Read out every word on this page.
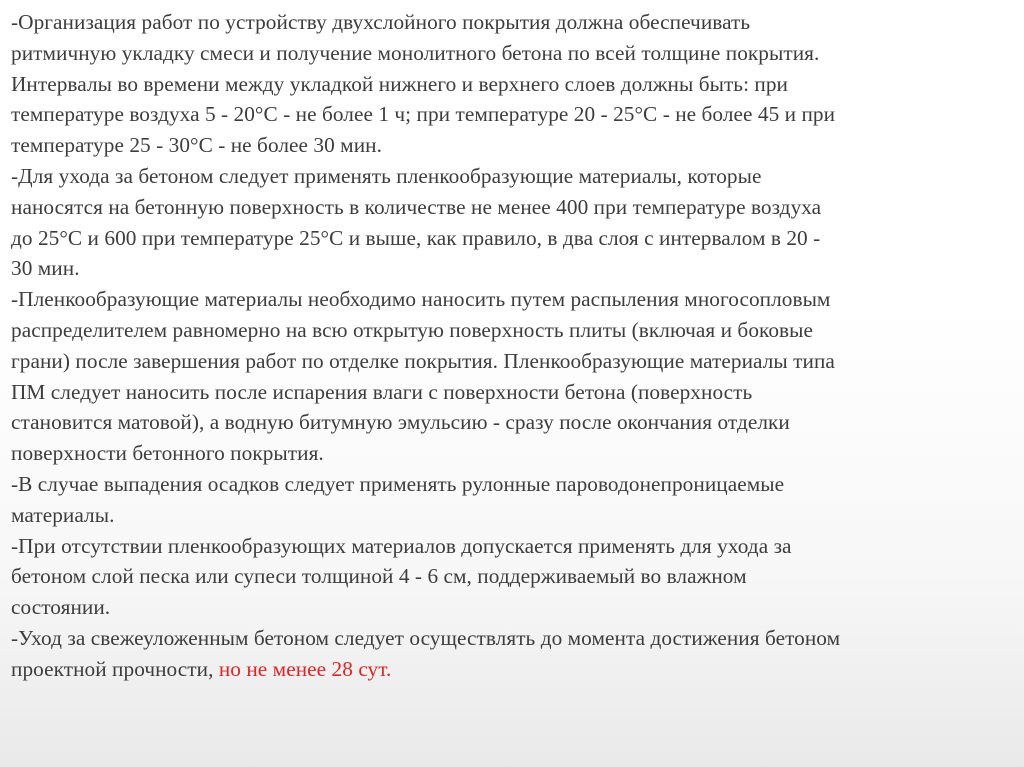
-Организация работ по устройству двухслойного покрытия должна обеспечивать
ритмичную укладку смеси и получение монолитного бетона по всей толщине покрытия.
Интервалы во времени между укладкой нижнего и верхнего слоев должны быть: при
температуре воздуха 5 - 20°С - не более 1 ч; при температуре 20 - 25°С - не более 45 и при
температуре 25 - 30°С - не более 30 мин.
-Для ухода за бетоном следует применять пленкообразующие материалы, которые
наносятся на бетонную поверхность в количестве не менее 400 при температуре воздуха
до 25°С и 600 при температуре 25°С и выше, как правило, в два слоя с интервалом в 20 -
30 мин.
-Пленкообразующие материалы необходимо наносить путем распыления многосопловым
распределителем равномерно на всю открытую поверхность плиты (включая и боковые
грани) после завершения работ по отделке покрытия. Пленкообразующие материалы типа
ПМ следует наносить после испарения влаги с поверхности бетона (поверхность
становится матовой), а водную битумную эмульсию - сразу после окончания отделки
поверхности бетонного покрытия.
-В случае выпадения осадков следует применять рулонные пароводонепроницаемые
материалы.
-При отсутствии пленкообразующих материалов допускается применять для ухода за
бетоном слой песка или супеси толщиной 4 - 6 см, поддерживаемый во влажном
состоянии.
-Уход за свежеуложенным бетоном следует осуществлять до момента достижения бетоном
проектной прочности, но не менее 28 сут.
